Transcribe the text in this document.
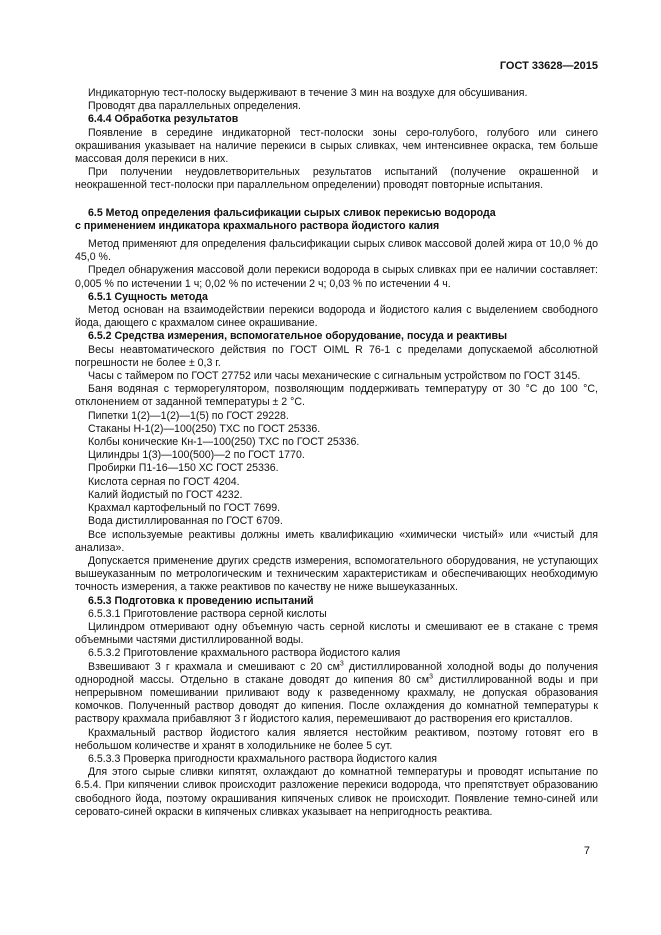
ГОСТ 33628—2015

Индикаторную тест-полоску выдерживают в течение 3 мин на воздухе для обсушивания.

Проводят два параллельных определения.

6.4.4 Обработка результатов

Появление в середине индикаторной тест-полоски зоны серо-голубого, голубого или синего окрашивания указывает на наличие перекиси в сырых сливках, чем интенсивнее окраска, тем больше массовая доля перекиси в них.

При получении неудовлетворительных результатов испытаний (получение окрашенной и неокрашенной тест-полоски при параллельном определении) проводят повторные испытания.

6.5 Метод определения фальсификации сырых сливок перекисью водорода
с применением индикатора крахмального раствора йодистого калия

Метод применяют для определения фальсификации сырых сливок массовой долей жира от 10,0 % до 45,0 %.

Предел обнаружения массовой доли перекиси водорода в сырых сливках при ее наличии составляет: 0,005 % по истечении 1 ч; 0,02 % по истечении 2 ч; 0,03 % по истечении 4 ч.

6.5.1 Сущность метода

Метод основан на взаимодействии перекиси водорода и йодистого калия с выделением свободного йода, дающего с крахмалом синее окрашивание.

6.5.2 Средства измерения, вспомогательное оборудование, посуда и реактивы

Весы неавтоматического действия по ГОСТ OIML R 76-1 с пределами допускаемой абсолютной погрешности не более ± 0,3 г.

Часы с таймером по ГОСТ 27752 или часы механические с сигнальным устройством по ГОСТ 3145.

Баня водяная с терморегулятором, позволяющим поддерживать температуру от 30 °С до 100 °С, отклонением от заданной температуры ± 2 °С.

Пипетки 1(2)—1(2)—1(5) по ГОСТ 29228.

Стаканы Н-1(2)—100(250) ТХС по ГОСТ 25336.

Колбы конические Кн-1—100(250) ТХС по ГОСТ 25336.

Цилиндры 1(3)—100(500)—2 по ГОСТ 1770.

Пробирки П1-16—150 ХС ГОСТ 25336.

Кислота серная по ГОСТ 4204.

Калий йодистый по ГОСТ 4232.

Крахмал картофельный по ГОСТ 7699.

Вода дистиллированная по ГОСТ 6709.

Все используемые реактивы должны иметь квалификацию «химически чистый» или «чистый для анализа».

Допускается применение других средств измерения, вспомогательного оборудования, не уступающих вышеуказанным по метрологическим и техническим характеристикам и обеспечивающих необходимую точность измерения, а также реактивов по качеству не ниже вышеуказанных.

6.5.3 Подготовка к проведению испытаний

6.5.3.1 Приготовление раствора серной кислоты

Цилиндром отмеривают одну объемную часть серной кислоты и смешивают ее в стакане с тремя объемными частями дистиллированной воды.

6.5.3.2 Приготовление крахмального раствора йодистого калия

Взвешивают 3 г крахмала и смешивают с 20 $см^3$ дистиллированной холодной воды до получения однородной массы. Отдельно в стакане доводят до кипения 80 $см^3$ дистиллированной воды и при непрерывном помешивании приливают воду к разведенному крахмалу, не допуская образования комочков. Полученный раствор доводят до кипения. После охлаждения до комнатной температуры к раствору крахмала прибавляют 3 г йодистого калия, перемешивают до растворения его кристаллов.

Крахмальный раствор йодистого калия является нестойким реактивом, поэтому готовят его в небольшом количестве и хранят в холодильнике не более 5 сут.

6.5.3.3 Проверка пригодности крахмального раствора йодистого калия

Для этого сырые сливки кипятят, охлаждают до комнатной температуры и проводят испытание по 6.5.4. При кипячении сливок происходит разложение перекиси водорода, что препятствует образованию свободного йода, поэтому окрашивания кипяченых сливок не происходит. Появление темно-синей или серовато-синей окраски в кипяченых сливках указывает на непригодность реактива.

7
